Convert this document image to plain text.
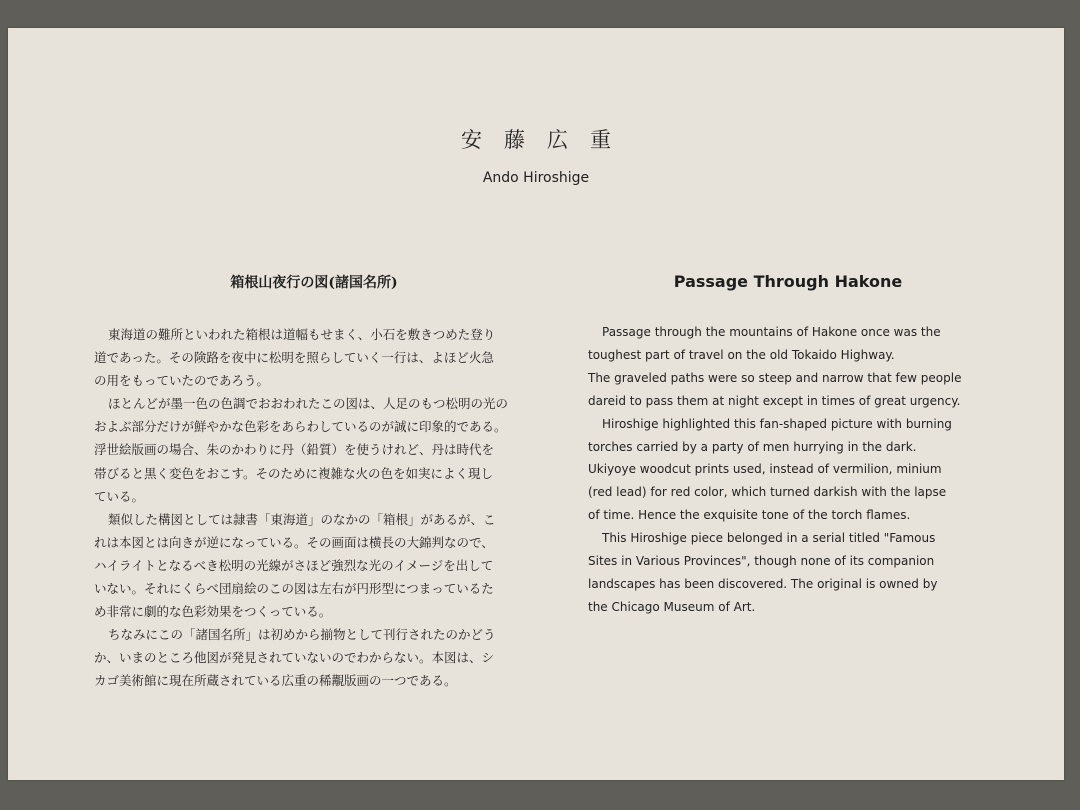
安藤広重
Ando Hiroshige
箱根山夜行の図(諸国名所)
東海道の難所といわれた箱根は道幅もせまく、小石を敷きつめた登り
道であった。その険路を夜中に松明を照らしていく一行は、よほど火急
の用をもっていたのであろう。
ほとんどが墨一色の色調でおおわれたこの図は、人足のもつ松明の光の
およぶ部分だけが鮮やかな色彩をあらわしているのが誠に印象的である。
浮世絵版画の場合、朱のかわりに丹（鉛質）を使うけれど、丹は時代を
帯びると黒く変色をおこす。そのために複雑な火の色を如実によく現し
ている。
類似した構図としては隷書「東海道」のなかの「箱根」があるが、こ
れは本図とは向きが逆になっている。その画面は横長の大錦判なので、
ハイライトとなるべき松明の光線がさほど強烈な光のイメージを出して
いない。それにくらべ団扇絵のこの図は左右が円形型につまっているた
め非常に劇的な色彩効果をつくっている。
ちなみにこの「諸国名所」は初めから揃物として刊行されたのかどう
か、いまのところ他図が発見されていないのでわからない。本図は、シ
カゴ美術館に現在所蔵されている広重の稀覯版画の一つである。
Passage Through Hakone
Passage through the mountains of Hakone once was the
toughest part of travel on the old Tokaido Highway.
The graveled paths were so steep and narrow that few people
dareid to pass them at night except in times of great urgency.
Hiroshige highlighted this fan-shaped picture with burning
torches carried by a party of men hurrying in the dark.
Ukiyoye woodcut prints used, instead of vermilion, minium
(red lead) for red color, which turned darkish with the lapse
of time. Hence the exquisite tone of the torch flames.
This Hiroshige piece belonged in a serial titled "Famous
Sites in Various Provinces", though none of its companion
landscapes has been discovered. The original is owned by
the Chicago Museum of Art.
